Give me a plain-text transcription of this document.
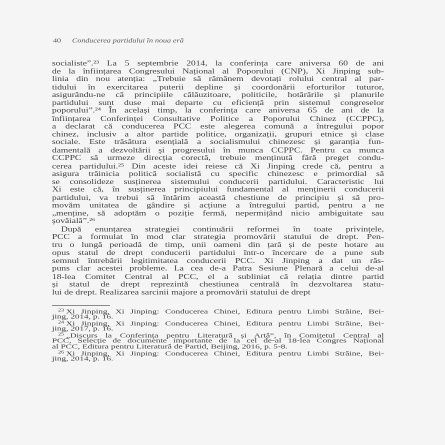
40 Conducerea partidului în noua eră
socialiste”.²³ La 5 septembrie 2014, la conferința care aniversa 60 de ani
de la înființarea Congresului Național al Poporului (CNP), Xi Jinping sub-
linia din nou atenția: „Trebuie să rămânem devotați rolului central al par-
tidului în exercitarea puterii depline și coordonării eforturilor tuturor,
asigurându-ne că principiile călăuzitoare, politicile, hotărârile și planurile
partidului sunt duse mai departe cu eficiență prin sistemul congreselor
poporului”.²⁴ În același timp, la conferința care aniversa 65 de ani de la
înființarea Conferinței Consultative Politice a Poporului Chinez (CCPPC),
a declarat că conducerea PCC este alegerea comună a întregului popor
chinez, inclusiv a altor partide politice, organizații, grupuri etnice și clase
sociale. Este trăsătura esențială a socialismului chinezesc și garanția fun-
damentală a dezvoltării și progresului în munca CCPPC. Pentru ca munca
CCPPC să urmeze direcția corectă, trebuie menținută fără preget condu-
cerea partidului.²⁵ Din aceste idei reiese că Xi Jinping crede că, pentru a
asigura trăinicia politică socialistă cu specific chinezesc e primordial să
se consolideze susținerea sistemului conducerii partidului. Caracteristic lui
Xi este că, în susținerea principiului fundamental al menținerii conducerii
partidului, va trebui să întărim această chestiune de principiu și să pro-
movăm unitatea de gândire și acțiune a întregului partid, pentru a ne
„menține, să adoptăm o poziție fermă, nepermițând nicio ambiguitate sau
șovăială”.²⁶
După enunțarea strategiei continuării reformei în toate privințele,
PCC a formulat în mod clar strategia promovării statului de drept. Pen-
tru o lungă perioadă de timp, unii oameni din țară și de peste hotare au
opus statul de drept conducerii partidului într-o încercare de a pune sub
semnul întrebării legitimitatea conducerii PCC. Xi Jinping a dat un răs-
puns clar acestei probleme. La cea de-a Patra Sesiune Plenară a celui de-al
18-lea Comitet Central al PCC, el a subliniat că relația dintre partid
și statul de drept reprezintă chestiunea centrală în dezvoltarea statu-
lui de drept. Realizarea sarcinii majore a promovării statului de drept
$^{23}$ Xi Jinping, Xi Jinping: Conducerea Chinei, Editura pentru Limbi Străine, Bei-
jing, 2014, p. 16.
$^{24}$ Xi Jinping, Xi Jinping: Conducerea Chinei, Editura pentru Limbi Străine, Bei-
jing, 2017, p. 16.
$^{25}$ „Discurs la Conferința pentru Literatură și Artă”, în Comitetul Central al
PCC, Selecție de documente importante de la cel de-al 18-lea Congres Național
al PCC, Editura pentru Literatură de Partid, Beijing, 2016, p. 5-8.
$^{26}$ Xi Jinping, Xi Jinping: Conducerea Chinei, Editura pentru Limbi Străine, Bei-
jing, 2014, p. 16.
